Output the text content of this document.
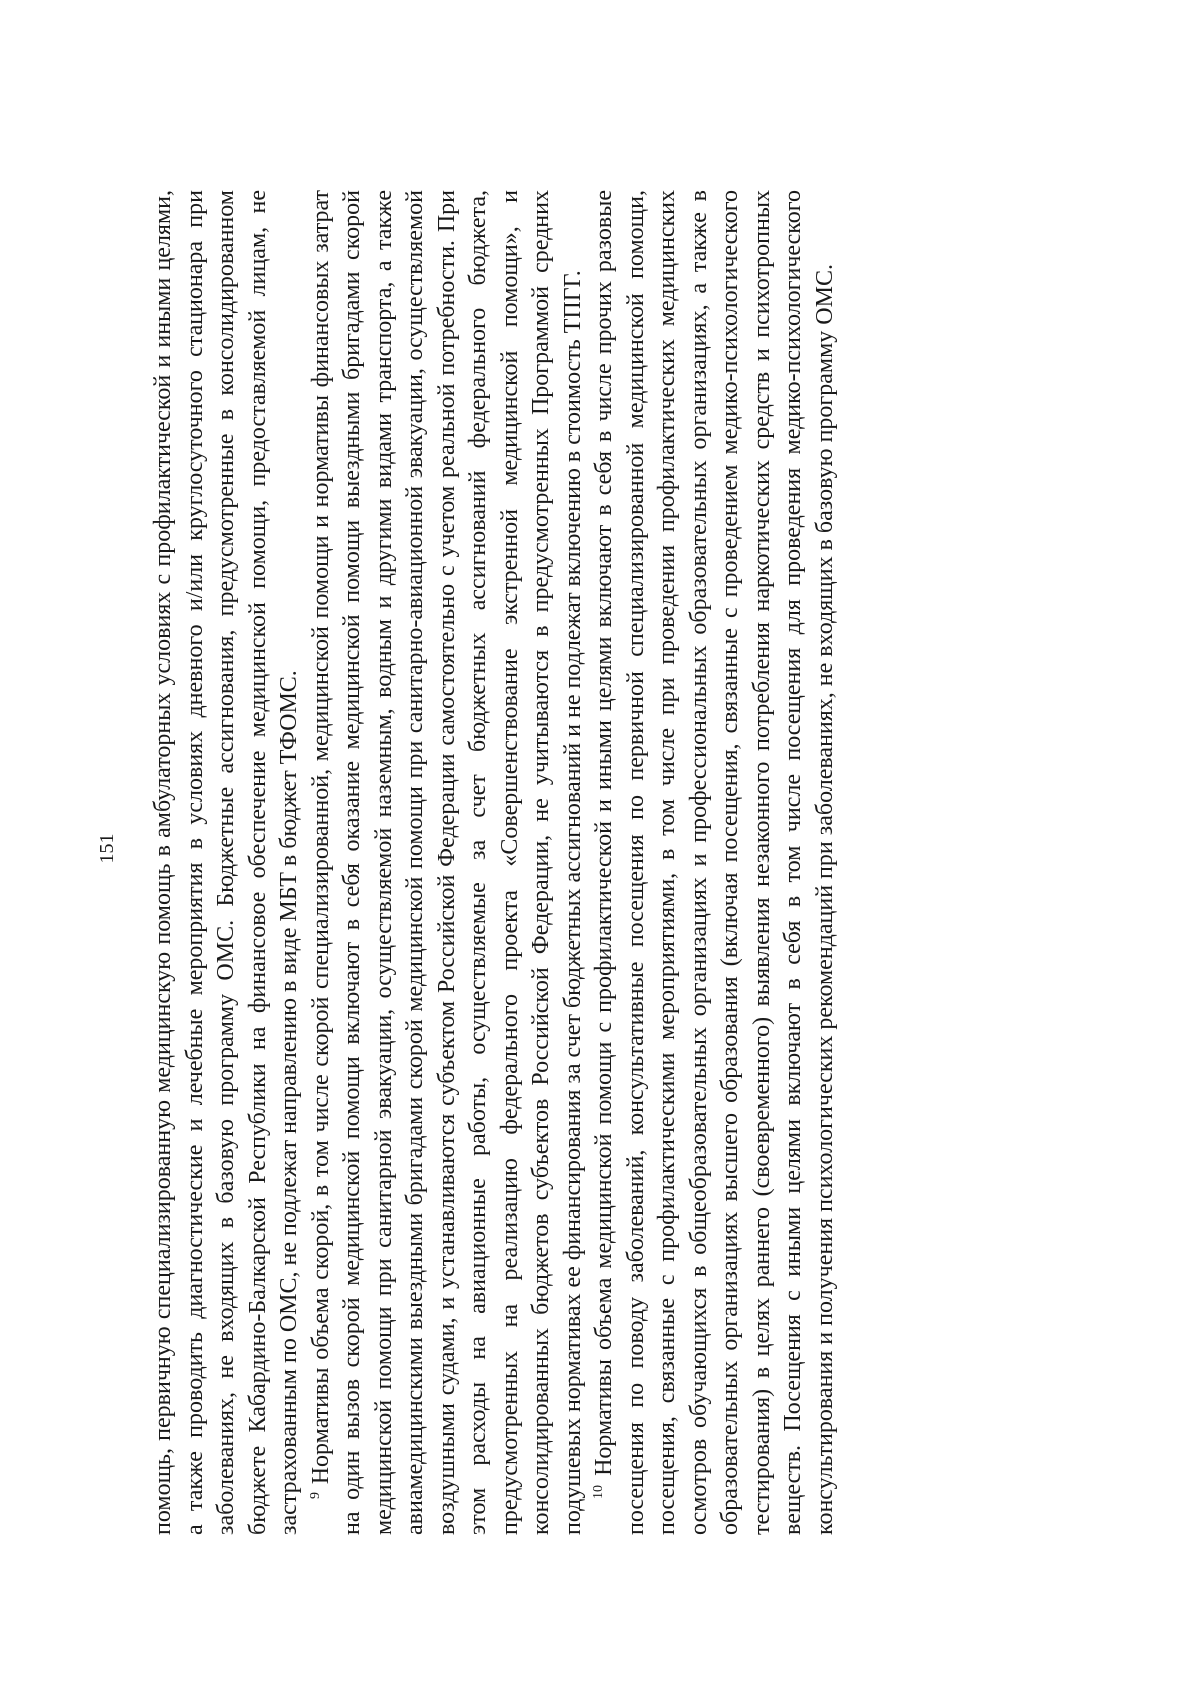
151 помощь, первичную специализированную медицинскую помощь в амбулаторных условиях с профилактической и иными целями, а также проводить диагностические и лечебные мероприятия в условиях дневного и/или круглосуточного стационара при заболеваниях, не входящих в базовую программу ОМС. Бюджетные ассигнования, предусмотренные в консолидированном бюджете Кабардино-Балкарской Республики на финансовое обеспечение медицинской помощи, предоставляемой лицам, не застрахованным по ОМС, не подлежат направлению в виде МБТ в бюджет ТФОМС. $^9$ Нормативы объема скорой, в том числе скорой специализированной, медицинской помощи и нормативы финансовых затрат на один вызов скорой медицинской помощи включают в себя оказание медицинской помощи выездными бригадами скорой медицинской помощи при санитарной эвакуации, осуществляемой наземным, водным и другими видами транспорта, а также авиамедицинскими выездными бригадами скорой медицинской помощи при санитарно-авиационной эвакуации, осуществляемой воздушными судами, и устанавливаются субъектом Российской Федерации самостоятельно с учетом реальной потребности. При этом расходы на авиационные работы, осуществляемые за счет бюджетных ассигнований федерального бюджета, предусмотренных на реализацию федерального проекта «Совершенствование экстренной медицинской помощи», и консолидированных бюджетов субъектов Российской Федерации, не учитываются в предусмотренных Программой средних подушевых нормативах ее финансирования за счет бюджетных ассигнований и не подлежат включению в стоимость ТПГГ. $^{10}$ Нормативы объема медицинской помощи с профилактической и иными целями включают в себя в числе прочих разовые посещения по поводу заболеваний, консультативные посещения по первичной специализированной медицинской помощи, посещения, связанные с профилактическими мероприятиями, в том числе при проведении профилактических медицинских осмотров обучающихся в общеобразовательных организациях и профессиональных образовательных организациях, а также в образовательных организациях высшего образования (включая посещения, связанные с проведением медико-психологического тестирования) в целях раннего (своевременного) выявления незаконного потребления наркотических средств и психотропных веществ. Посещения с иными целями включают в себя в том числе посещения для проведения медико-психологического консультирования и получения психологических рекомендаций при заболеваниях, не входящих в базовую программу ОМС.
